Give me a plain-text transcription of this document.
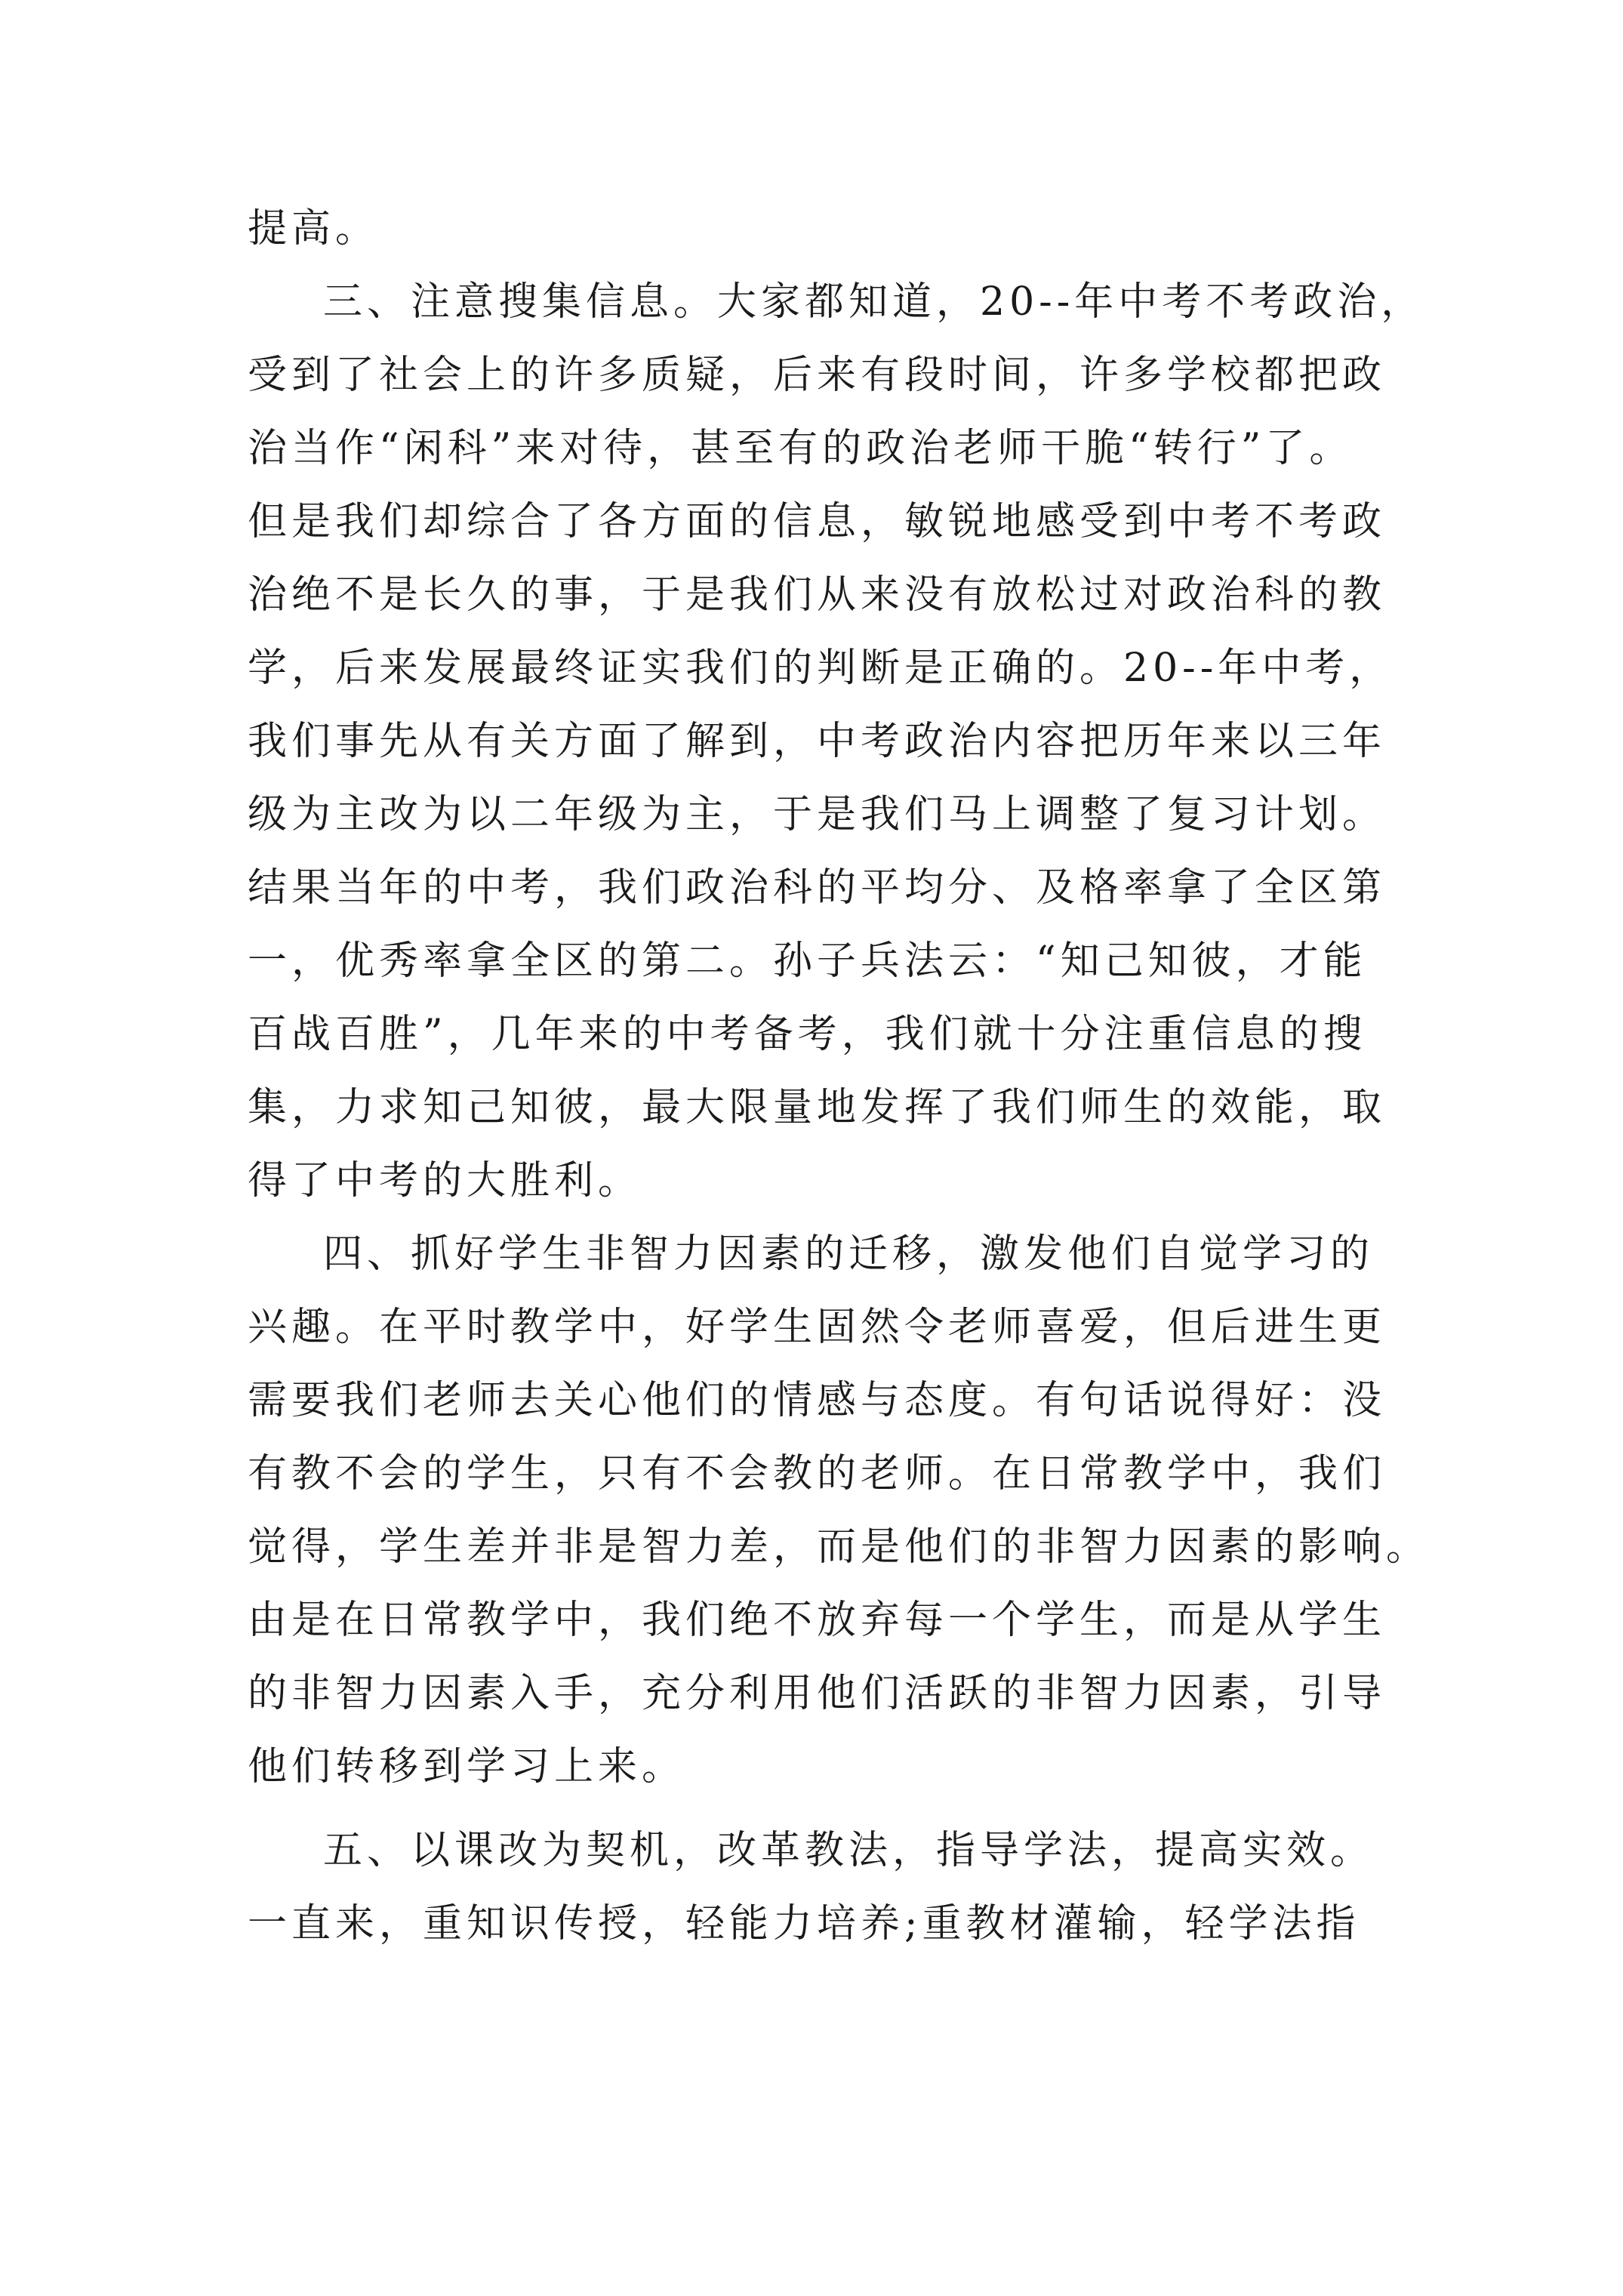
提高。
三、注意搜集信息。大家都知道，20--年中考不考政治，
受到了社会上的许多质疑，后来有段时间，许多学校都把政
治当作“闲科”来对待，甚至有的政治老师干脆“转行”了。
但是我们却综合了各方面的信息，敏锐地感受到中考不考政
治绝不是长久的事，于是我们从来没有放松过对政治科的教
学，后来发展最终证实我们的判断是正确的。20--年中考，
我们事先从有关方面了解到，中考政治内容把历年来以三年
级为主改为以二年级为主，于是我们马上调整了复习计划。
结果当年的中考，我们政治科的平均分、及格率拿了全区第
一，优秀率拿全区的第二。孙子兵法云：“知己知彼，才能
百战百胜”，几年来的中考备考，我们就十分注重信息的搜
集，力求知己知彼，最大限量地发挥了我们师生的效能，取
得了中考的大胜利。
四、抓好学生非智力因素的迁移，激发他们自觉学习的
兴趣。在平时教学中，好学生固然令老师喜爱，但后进生更
需要我们老师去关心他们的情感与态度。有句话说得好：没
有教不会的学生，只有不会教的老师。在日常教学中，我们
觉得，学生差并非是智力差，而是他们的非智力因素的影响。
由是在日常教学中，我们绝不放弃每一个学生，而是从学生
的非智力因素入手，充分利用他们活跃的非智力因素，引导
他们转移到学习上来。
五、以课改为契机，改革教法，指导学法，提高实效。
一直来，重知识传授，轻能力培养;重教材灌输，轻学法指
